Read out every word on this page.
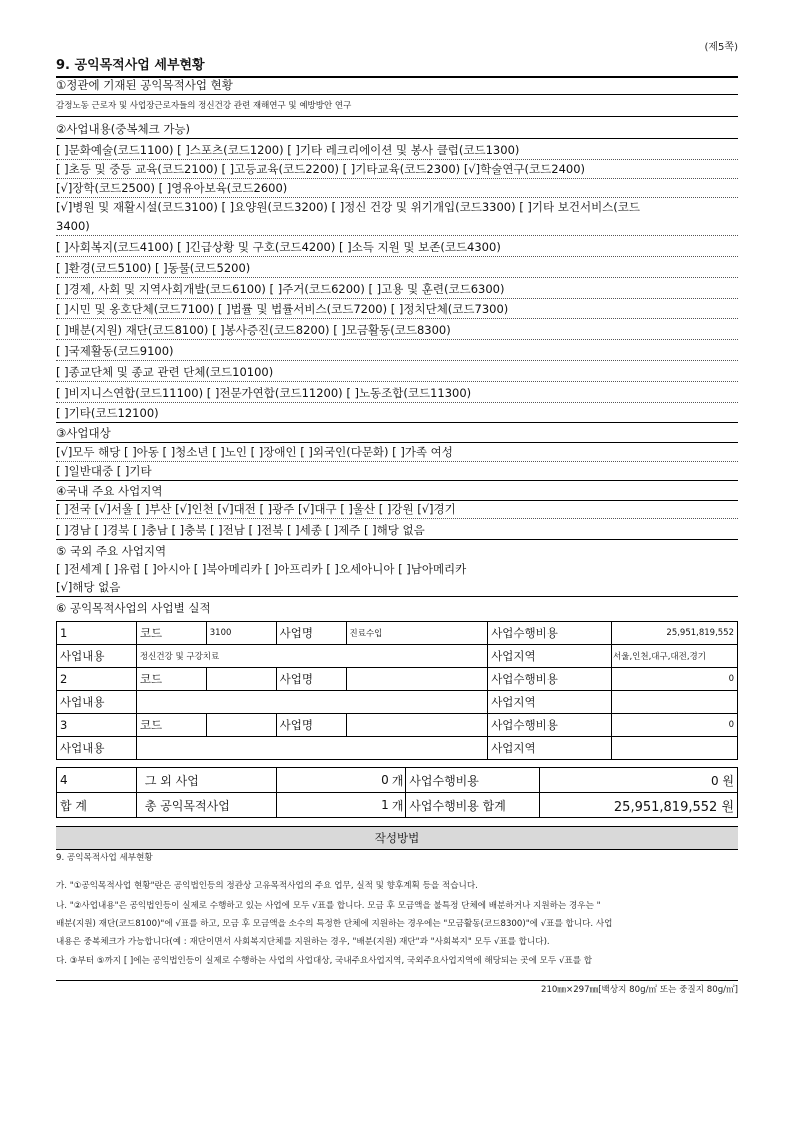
(제5쪽)
9. 공익목적사업 세부현황
①정관에 기재된 공익목적사업 현황
감정노동 근로자 및 사업장근로자들의 정신건강 관련 재해연구 및 예방방안 연구
②사업내용(중복체크 가능)
[ ]문화예술(코드1100) [ ]스포츠(코드1200) [ ]기타 레크리에이션 및 봉사 클럽(코드1300)
[ ]초등 및 중등 교육(코드2100) [ ]고등교육(코드2200) [ ]기타교육(코드2300) [√]학술연구(코드2400)
[√]장학(코드2500) [ ]영유아보육(코드2600)
[√]병원 및 재활시설(코드3100) [ ]요양원(코드3200) [ ]정신 건강 및 위기개입(코드3300) [ ]기타 보건서비스(코드
3400)
[ ]사회복지(코드4100) [ ]긴급상황 및 구호(코드4200) [ ]소득 지원 및 보존(코드4300)
[ ]환경(코드5100) [ ]동물(코드5200)
[ ]경제, 사회 및 지역사회개발(코드6100) [ ]주거(코드6200) [ ]고용 및 훈련(코드6300)
[ ]시민 및 옹호단체(코드7100) [ ]법률 및 법률서비스(코드7200) [ ]정치단체(코드7300)
[ ]배분(지원) 재단(코드8100) [ ]봉사증진(코드8200) [ ]모금활동(코드8300)
[ ]국제활동(코드9100)
[ ]종교단체 및 종교 관련 단체(코드10100)
[ ]비지니스연합(코드11100) [ ]전문가연합(코드11200) [ ]노동조합(코드11300)
[ ]기타(코드12100)
③사업대상
[√]모두 해당 [ ]아동 [ ]청소년 [ ]노인 [ ]장애인 [ ]외국인(다문화) [ ]가족 여성
[ ]일반대중 [ ]기타
④국내 주요 사업지역
[ ]전국 [√]서울 [ ]부산 [√]인천 [√]대전 [ ]광주 [√]대구 [ ]울산 [ ]강원 [√]경기
[ ]경남 [ ]경북 [ ]충남 [ ]충북 [ ]전남 [ ]전북 [ ]세종 [ ]제주 [ ]해당 없음
⑤ 국외 주요 사업지역
[ ]전세계 [ ]유럽 [ ]아시아 [ ]북아메리카 [ ]아프리카 [ ]오세아니아 [ ]남아메리카
[√]해당 없음
⑥ 공익목적사업의 사업별 실적
1	코드	3100	사업명	진료수입	사업수행비용	25,951,819,552
사업내용	정신건강 및 구강치료				사업지역	서울,인천,대구,대전,경기
2	코드		사업명		사업수행비용	0
사업내용					사업지역	
3	코드		사업명		사업수행비용	0
사업내용					사업지역	
4	그 외 사업	0	개	사업수행비용	0 원
합 계	총 공익목적사업	1	개	사업수행비용 합계	25,951,819,552 원
작성방법
9. 공익목적사업 세부현황
가. "①공익목적사업 현황"란은 공익법인등의 정관상 고유목적사업의 주요 업무, 실적 및 향후계획 등을 적습니다.
나. "②사업내용"은 공익법인등이 실제로 수행하고 있는 사업에 모두 √표를 합니다. 모금 후 모금액을 불특정 단체에 배분하거나 지원하는 경우는 "
배분(지원) 재단(코드8100)"에 √표를 하고, 모금 후 모금액을 소수의 특정한 단체에 지원하는 경우에는 "모금활동(코드8300)"에 √표를 합니다. 사업
내용은 중복체크가 가능합니다(예 : 재단이면서 사회복지단체를 지원하는 경우, "배분(지원) 재단"과 "사회복지" 모두 √표를 합니다).
다. ③부터 ⑤까지 [ ]에는 공익법인등이 실제로 수행하는 사업의 사업대상, 국내주요사업지역, 국외주요사업지역에 해당되는 곳에 모두 √표를 합
210㎜×297㎜[백상지 80g/㎡ 또는 중질지 80g/㎡]
